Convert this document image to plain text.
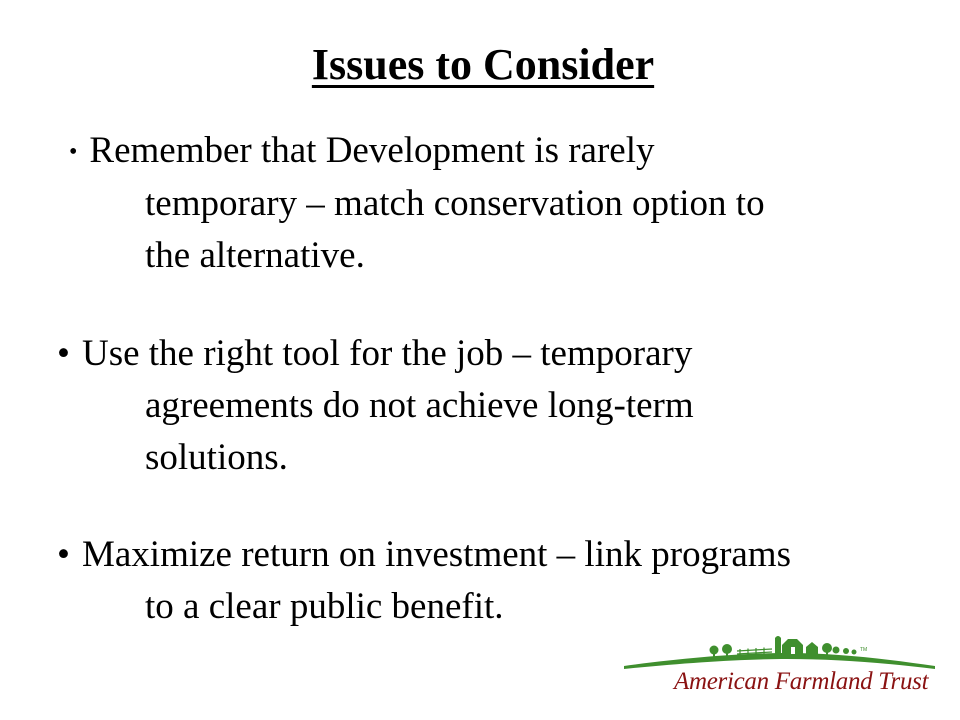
Issues to Consider
• Remember that Development is rarely
temporary – match conservation option to
the alternative.
• Use the right tool for the job – temporary
agreements do not achieve long-term
solutions.
• Maximize return on investment – link programs
to a clear public benefit.
TM
American Farmland Trust
